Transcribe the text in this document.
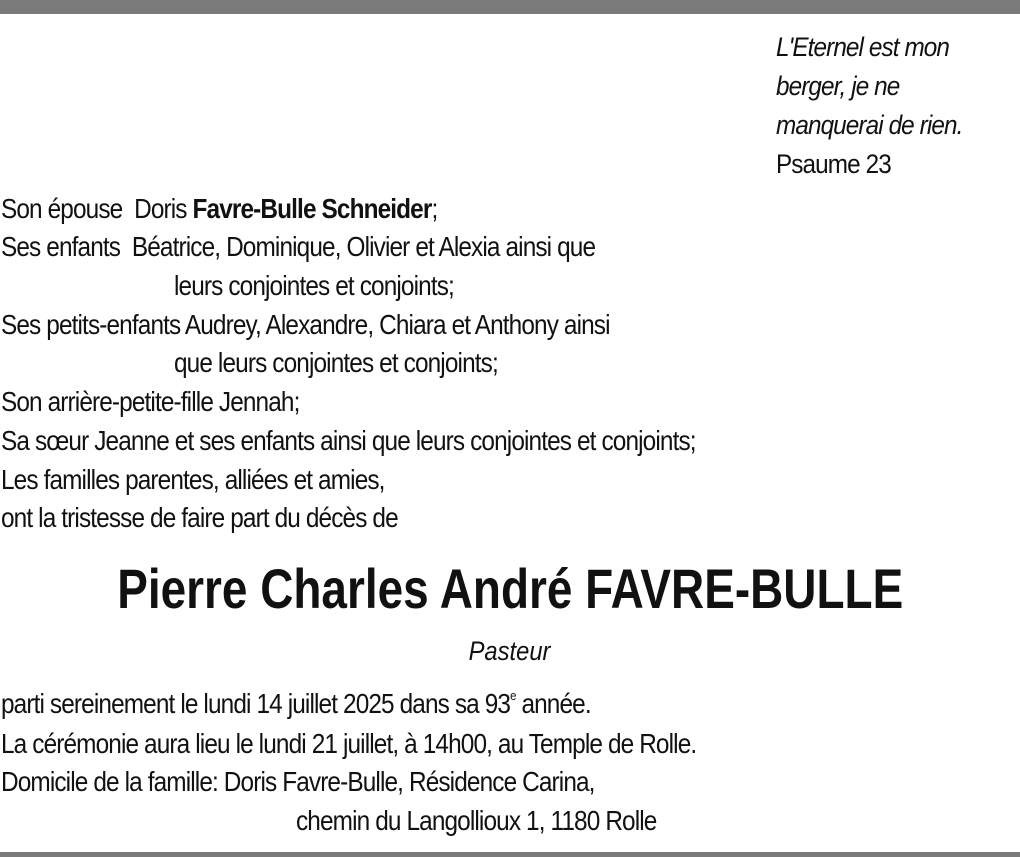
L'Eternel est mon
berger, je ne
manquerai de rien.
Psaume 23
Son épouse  Doris Favre-Bulle Schneider;
Ses enfants  Béatrice, Dominique, Olivier et Alexia ainsi que
leurs conjointes et conjoints;
Ses petits-enfants Audrey, Alexandre, Chiara et Anthony ainsi
que leurs conjointes et conjoints;
Son arrière-petite-fille Jennah;
Sa sœur Jeanne et ses enfants ainsi que leurs conjointes et conjoints;
Les familles parentes, alliées et amies,
ont la tristesse de faire part du décès de
Pierre Charles André FAVRE-BULLE
Pasteur
parti sereinement le lundi 14 juillet 2025 dans sa 93e année.
La cérémonie aura lieu le lundi 21 juillet, à 14h00, au Temple de Rolle.
Domicile de la famille: Doris Favre-Bulle, Résidence Carina,
chemin du Langollioux 1, 1180 Rolle
